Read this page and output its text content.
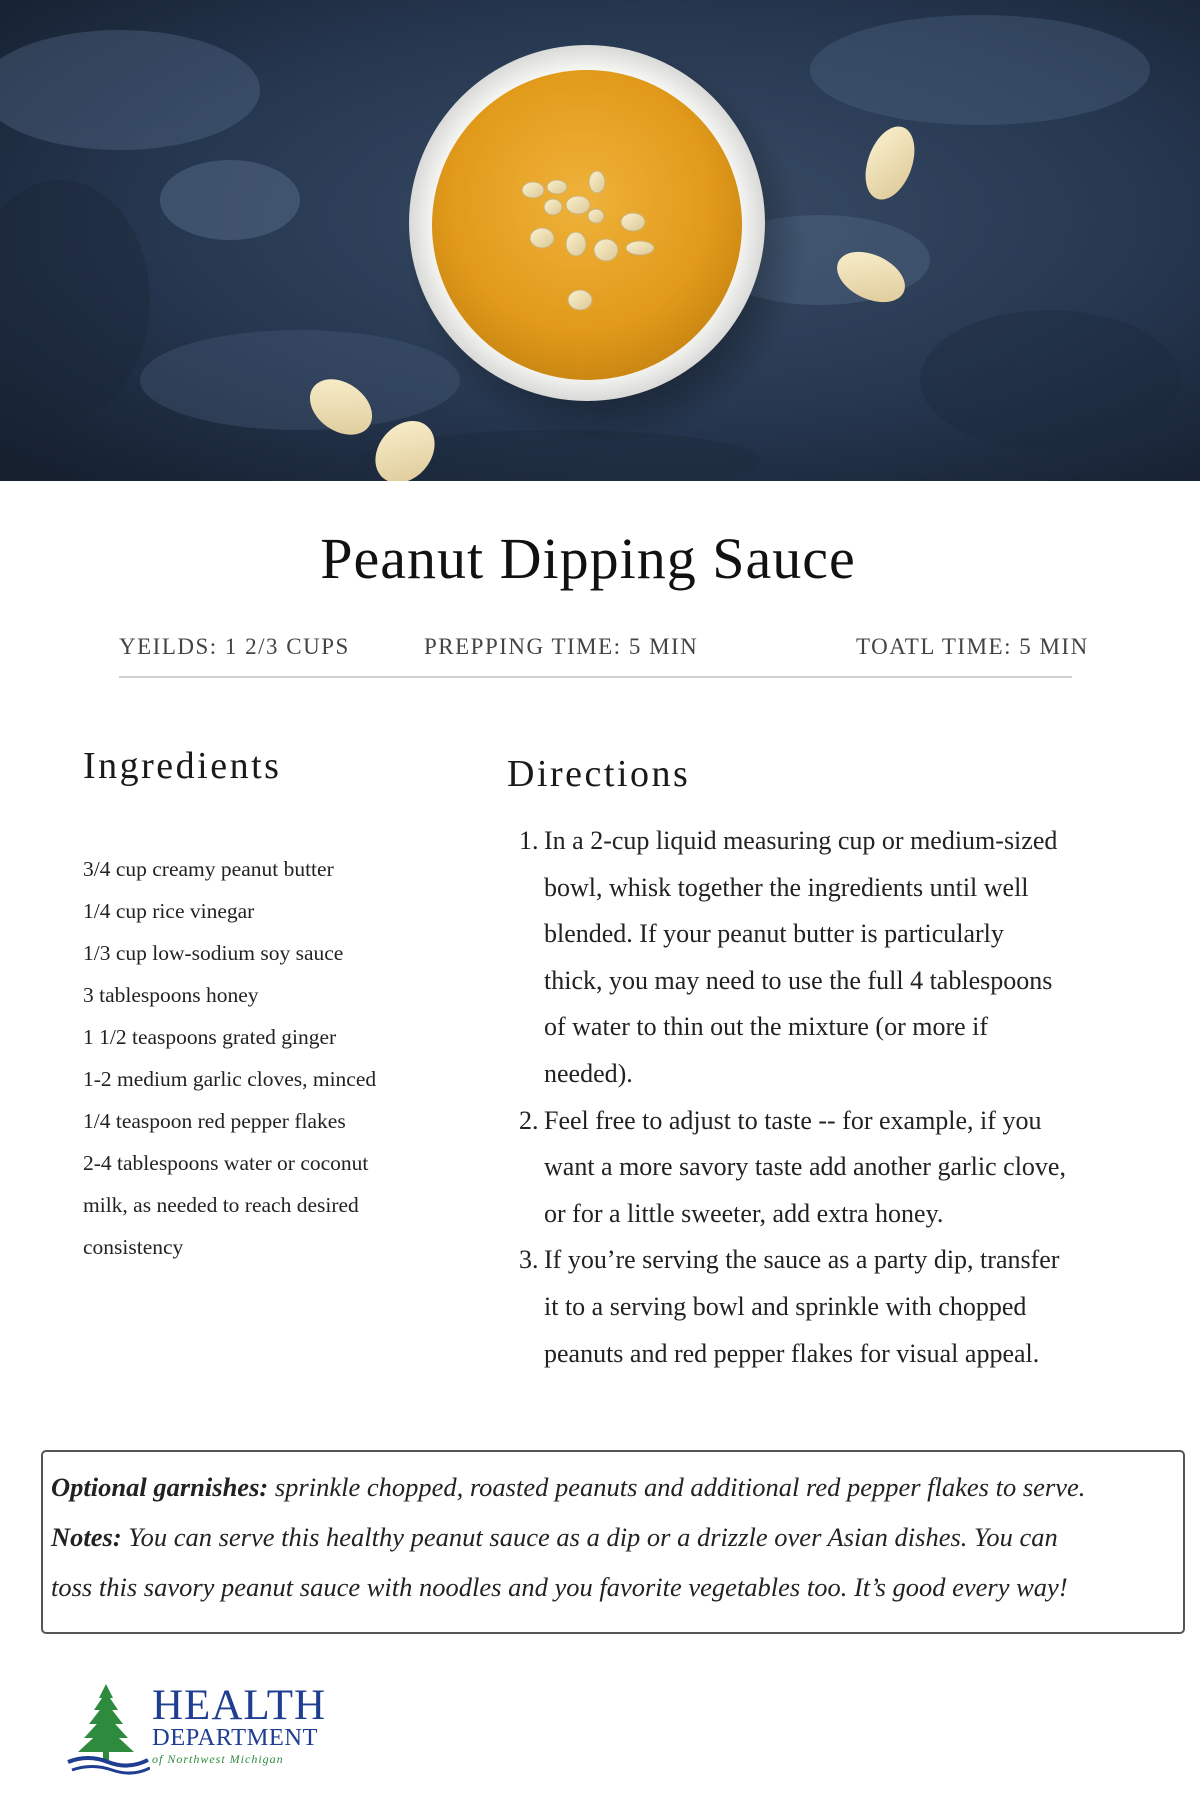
Peanut Dipping Sauce
YEILDS: 1 2/3 CUPS	PREPPING TIME: 5 MIN	TOATL TIME: 5 MIN
Ingredients
3/4 cup creamy peanut butter
1/4 cup rice vinegar
1/3 cup low-sodium soy sauce
3 tablespoons honey
1 1/2 teaspoons grated ginger
1-2 medium garlic cloves, minced
1/4 teaspoon red pepper flakes
2-4 tablespoons water or coconut
milk, as needed to reach desired
consistency
Directions
1. In a 2-cup liquid measuring cup or medium-sized
bowl, whisk together the ingredients until well
blended. If your peanut butter is particularly
thick, you may need to use the full 4 tablespoons
of water to thin out the mixture (or more if
needed).
2. Feel free to adjust to taste -- for example, if you
want a more savory taste add another garlic clove,
or for a little sweeter, add extra honey.
3. If you’re serving the sauce as a party dip, transfer
it to a serving bowl and sprinkle with chopped
peanuts and red pepper flakes for visual appeal.
Optional garnishes: sprinkle chopped, roasted peanuts and additional red pepper flakes to serve.
Notes: You can serve this healthy peanut sauce as a dip or a drizzle over Asian dishes. You can
toss this savory peanut sauce with noodles and you favorite vegetables too. It’s good every way!
HEALTH
DEPARTMENT
of Northwest Michigan
